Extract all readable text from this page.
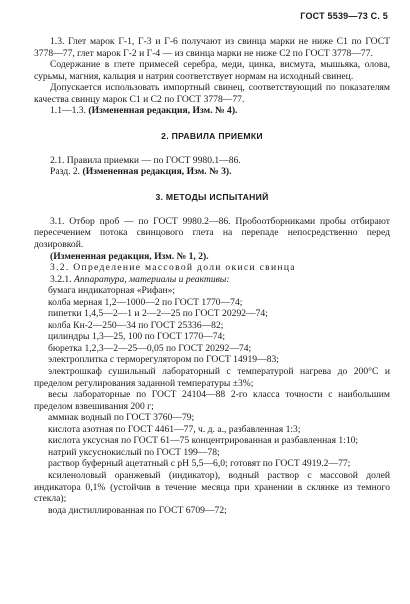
ГОСТ 5539—73 С. 5

1.3. Глет марок Г-1, Г-3 и Г-6 получают из свинца марки не ниже С1 по ГОСТ 3778—77, глет марок Г-2 и Г-4 — из свинца марки не ниже С2 по ГОСТ 3778—77.

Содержание в глете примесей серебра, меди, цинка, висмута, мышьяка, олова, сурьмы, магния, кальция и натрия соответствует нормам на исходный свинец.

Допускается использовать импортный свинец, соответствующий по показателям качества свинцу марок С1 и С2 по ГОСТ 3778—77.

1.1—1.3. (Измененная редакция, Изм. № 4).

2. ПРАВИЛА ПРИЕМКИ

2.1. Правила приемки — по ГОСТ 9980.1—86.

Разд. 2. (Измененная редакция, Изм. № 3).

3. МЕТОДЫ ИСПЫТАНИЙ

3.1. Отбор проб — по ГОСТ 9980.2—86. Пробоотборниками пробы отбирают пересечением потока свинцового глета на перепаде непосредственно перед дозировкой.

(Измененная редакция, Изм. № 1, 2).

3.2. Определение массовой доли окиси свинца

3.2.1. Аппаратура, материалы и реактивы:

бумага индикаторная «Рифан»;

колба мерная 1,2—1000—2 по ГОСТ 1770—74;

пипетки 1,4,5—2—1 и 2—2—25 по ГОСТ 20292—74;

колба Кн-2—250—34 по ГОСТ 25336—82;

цилиндры 1,3—25, 100 по ГОСТ 1770—74;

бюретка 1,2,3—2—25—0,05 по ГОСТ 20292—74;

электроплитка с терморегулятором по ГОСТ 14919—83;

электрошкаф сушильный лабораторный с температурой нагрева до 200°С и пределом регулирования заданной температуры ±3%;

весы лабораторные по ГОСТ 24104—88 2-го класса точности с наибольшим пределом взвешивания 200 г;

аммиак водный по ГОСТ 3760—79;

кислота азотная по ГОСТ 4461—77, ч. д. а., разбавленная 1:3;

кислота уксусная по ГОСТ 61—75 концентрированная и разбавленная 1:10;

натрий уксуснокислый по ГОСТ 199—78;

раствор буферный ацетатный с рН 5,5—6,0; готовят по ГОСТ 4919.2—77;

ксиленоловый оранжевый (индикатор), водный раствор с массовой долей индикатора 0,1% (устойчив в течение месяца при хранении в склянке из темного стекла);

вода дистиллированная по ГОСТ 6709—72;
